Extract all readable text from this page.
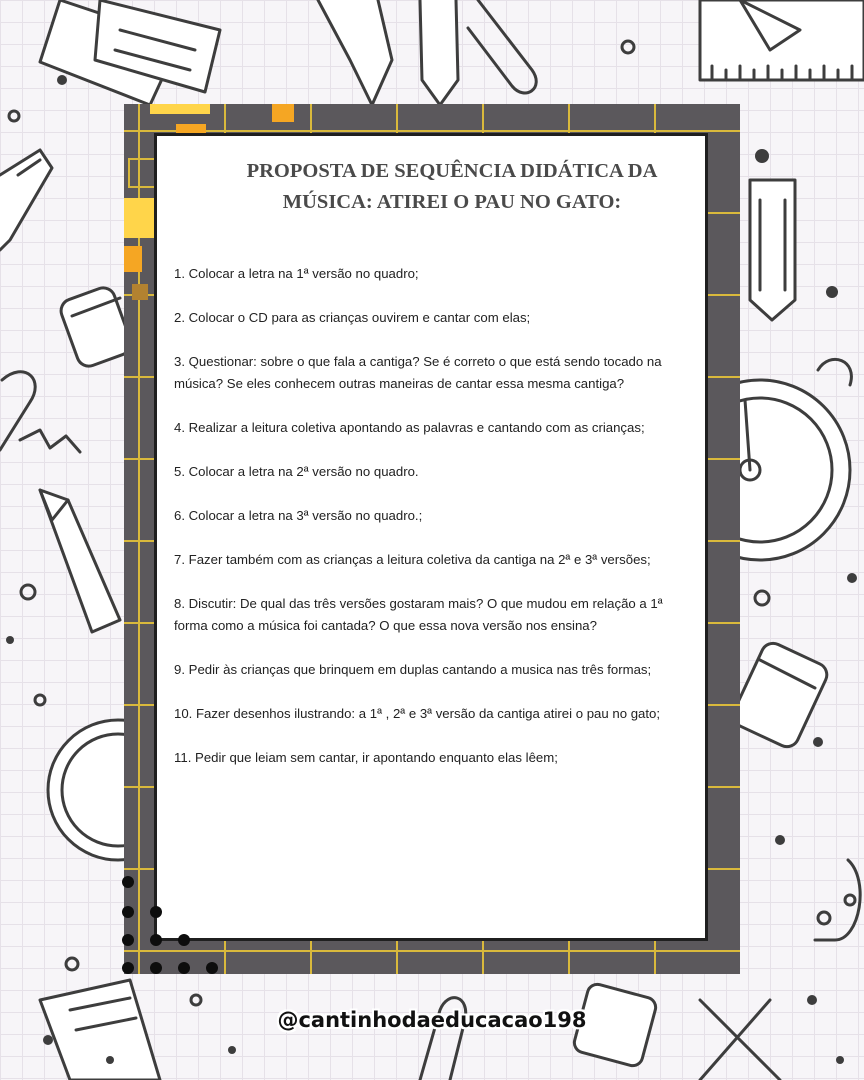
PROPOSTA DE SEQUÊNCIA DIDÁTICA DA
MÚSICA: ATIREI O PAU NO GATO:
1. Colocar a letra na 1ª versão no quadro;
2. Colocar o CD para as crianças ouvirem e cantar com elas;
3. Questionar: sobre o que fala a cantiga? Se é correto o que está sendo tocado na música? Se eles conhecem outras maneiras de cantar essa mesma cantiga?
4. Realizar a leitura coletiva apontando as palavras e cantando com as crianças;
5. Colocar a letra na 2ª versão no quadro.
6. Colocar a letra na 3ª versão no quadro.;
7. Fazer também com as crianças a leitura coletiva da cantiga na 2ª e 3ª versões;
8. Discutir: De qual das três versões gostaram mais? O que mudou em relação a 1ª forma como a música foi cantada? O que essa nova versão nos ensina?
9. Pedir às crianças que brinquem em duplas cantando a musica nas três formas;
10. Fazer desenhos ilustrando: a 1ª , 2ª e 3ª versão da cantiga atirei o pau no gato;
11. Pedir que leiam sem cantar, ir apontando enquanto elas lêem;
@cantinhodaeducacao198
